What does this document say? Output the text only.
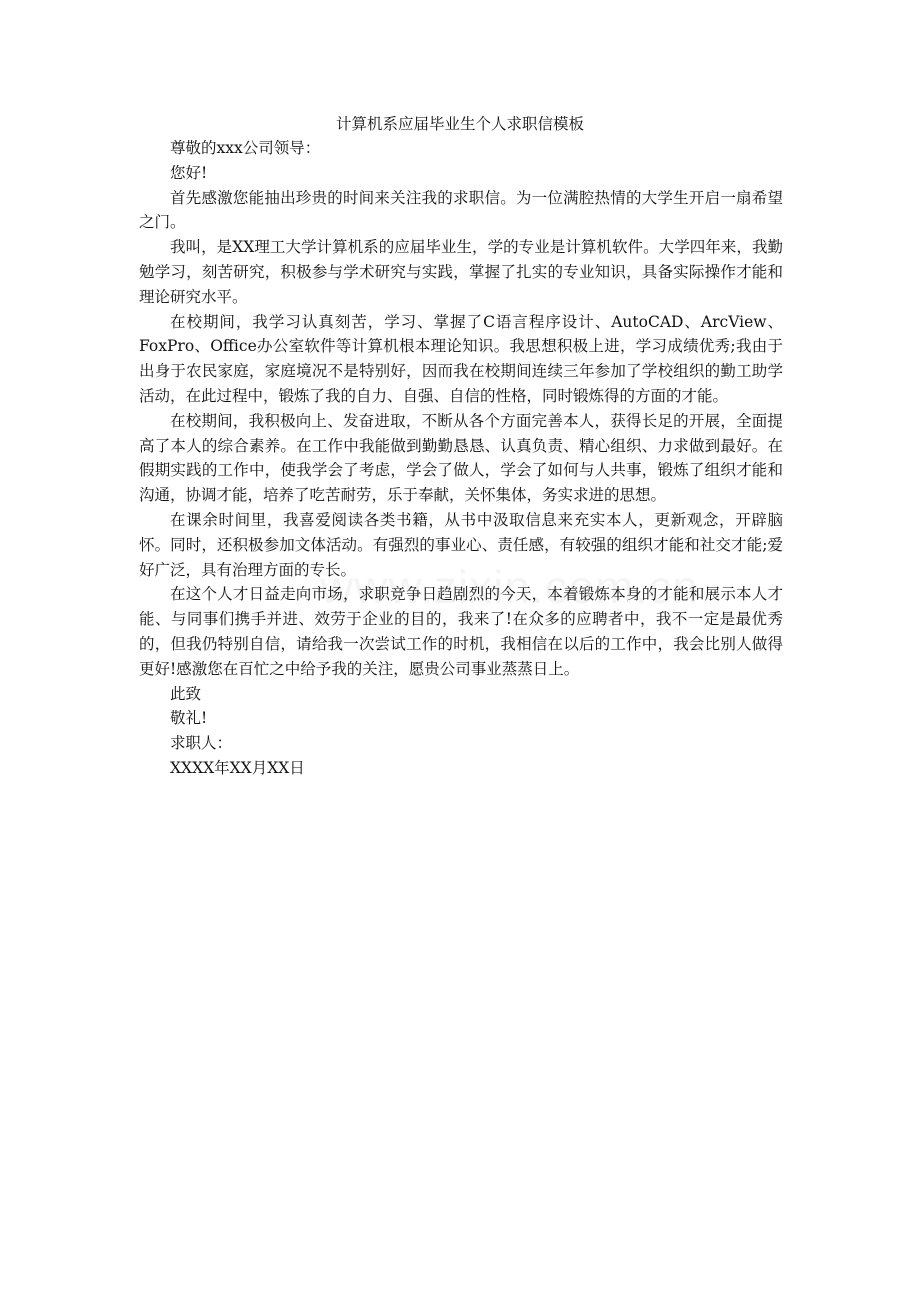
计算机系应届毕业生个人求职信模板

尊敬的xxx公司领导：

您好!

首先感激您能抽出珍贵的时间来关注我的求职信。为一位满腔热情的大学生开启一扇希望之门。

我叫，是XX理工大学计算机系的应届毕业生，学的专业是计算机软件。大学四年来，我勤勉学习，刻苦研究，积极参与学术研究与实践，掌握了扎实的专业知识，具备实际操作才能和理论研究水平。

在校期间，我学习认真刻苦，学习、掌握了C语言程序设计、AutoCAD、ArcView、FoxPro、Office办公室软件等计算机根本理论知识。我思想积极上进，学习成绩优秀;我由于出身于农民家庭，家庭境况不是特别好，因而我在校期间连续三年参加了学校组织的勤工助学活动，在此过程中，锻炼了我的自力、自强、自信的性格，同时锻炼得的方面的才能。

在校期间，我积极向上、发奋进取，不断从各个方面完善本人，获得长足的开展，全面提高了本人的综合素养。在工作中我能做到勤勤恳恳、认真负责、精心组织、力求做到最好。在假期实践的工作中，使我学会了考虑，学会了做人，学会了如何与人共事，锻炼了组织才能和沟通，协调才能，培养了吃苦耐劳，乐于奉献，关怀集体，务实求进的思想。

在课余时间里，我喜爱阅读各类书籍，从书中汲取信息来充实本人，更新观念，开辟脑怀。同时，还积极参加文体活动。有强烈的事业心、责任感，有较强的组织才能和社交才能;爱好广泛，具有治理方面的专长。

在这个人才日益走向市场，求职竞争日趋剧烈的今天，本着锻炼本身的才能和展示本人才能、与同事们携手并进、效劳于企业的目的，我来了!在众多的应聘者中，我不一定是最优秀的，但我仍特别自信，请给我一次尝试工作的时机，我相信在以后的工作中，我会比别人做得更好!感激您在百忙之中给予我的关注，愿贵公司事业蒸蒸日上。

此致

敬礼!

求职人：

XXXX年XX月XX日
